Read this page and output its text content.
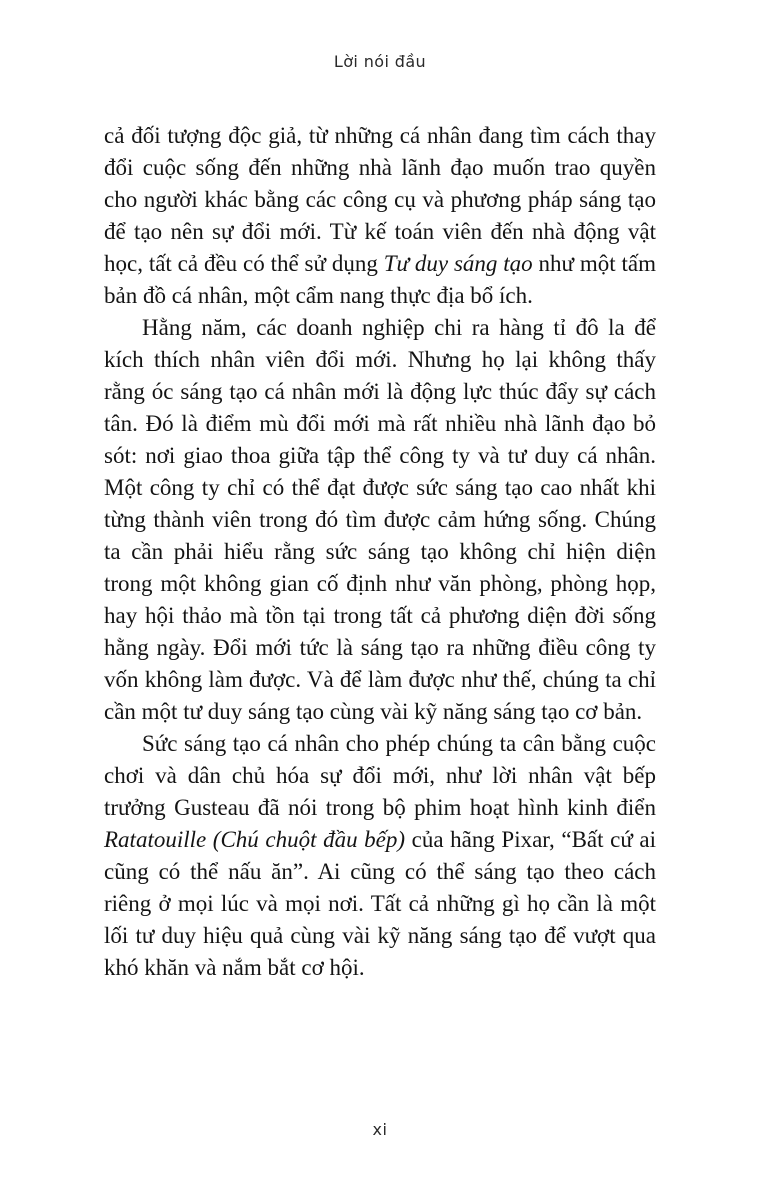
Lời nói đầu

cả đối tượng độc giả, từ những cá nhân đang tìm cách thay đổi cuộc sống đến những nhà lãnh đạo muốn trao quyền cho người khác bằng các công cụ và phương pháp sáng tạo để tạo nên sự đổi mới. Từ kế toán viên đến nhà động vật học, tất cả đều có thể sử dụng Tư duy sáng tạo như một tấm bản đồ cá nhân, một cẩm nang thực địa bổ ích.

Hằng năm, các doanh nghiệp chi ra hàng tỉ đô la để kích thích nhân viên đổi mới. Nhưng họ lại không thấy rằng óc sáng tạo cá nhân mới là động lực thúc đẩy sự cách tân. Đó là điểm mù đổi mới mà rất nhiều nhà lãnh đạo bỏ sót: nơi giao thoa giữa tập thể công ty và tư duy cá nhân. Một công ty chỉ có thể đạt được sức sáng tạo cao nhất khi từng thành viên trong đó tìm được cảm hứng sống. Chúng ta cần phải hiểu rằng sức sáng tạo không chỉ hiện diện trong một không gian cố định như văn phòng, phòng họp, hay hội thảo mà tồn tại trong tất cả phương diện đời sống hằng ngày. Đổi mới tức là sáng tạo ra những điều công ty vốn không làm được. Và để làm được như thế, chúng ta chỉ cần một tư duy sáng tạo cùng vài kỹ năng sáng tạo cơ bản.

Sức sáng tạo cá nhân cho phép chúng ta cân bằng cuộc chơi và dân chủ hóa sự đổi mới, như lời nhân vật bếp trưởng Gusteau đã nói trong bộ phim hoạt hình kinh điển Ratatouille (Chú chuột đầu bếp) của hãng Pixar, “Bất cứ ai cũng có thể nấu ăn”. Ai cũng có thể sáng tạo theo cách riêng ở mọi lúc và mọi nơi. Tất cả những gì họ cần là một lối tư duy hiệu quả cùng vài kỹ năng sáng tạo để vượt qua khó khăn và nắm bắt cơ hội.

xi
